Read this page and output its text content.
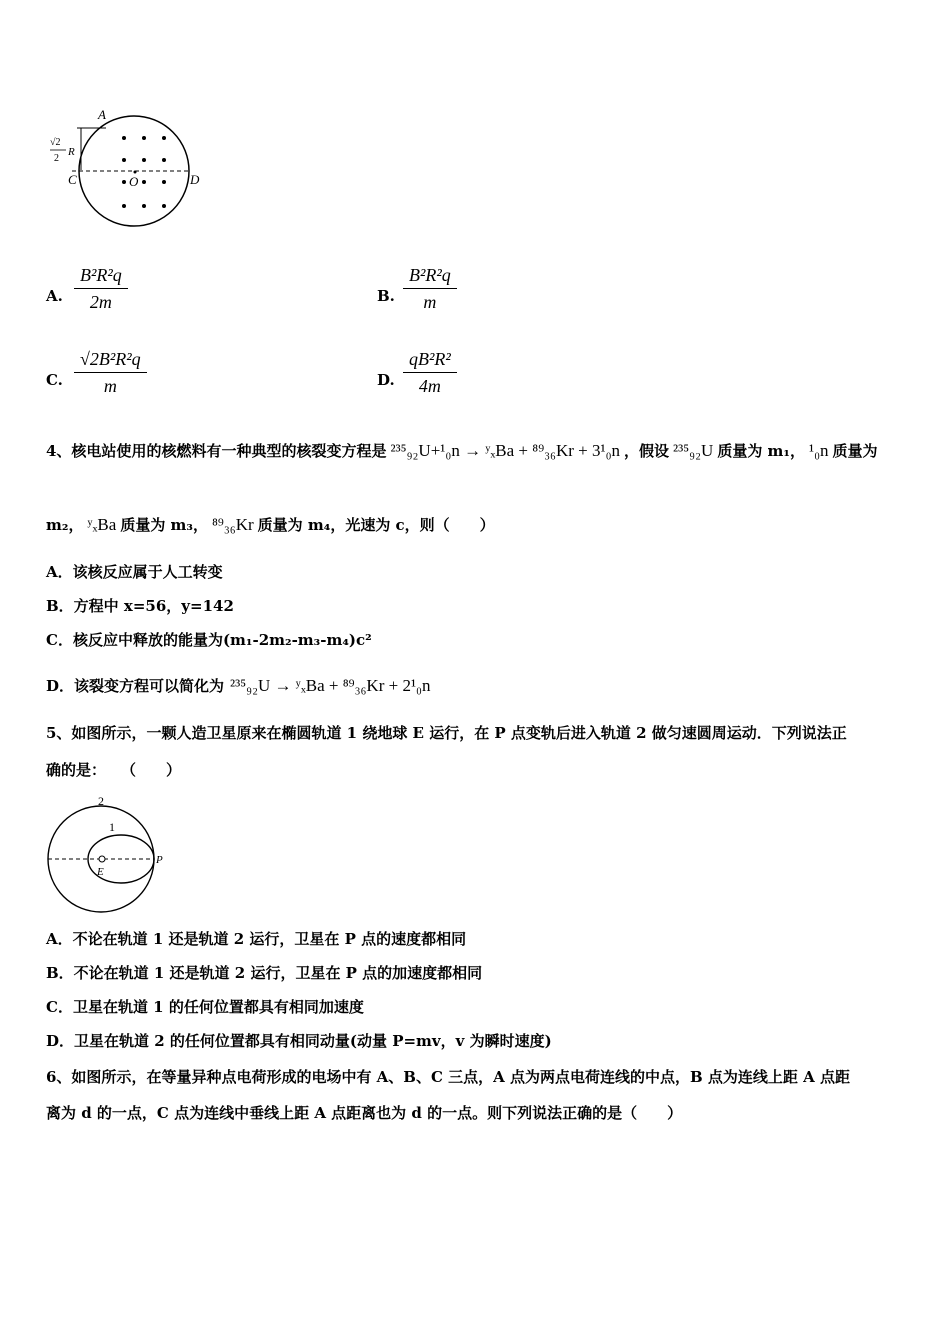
A
C	O	D
√2
2
R
A. $\frac{\text{B²R²q}}{2m}$	B. $\frac{\text{B²R²q}}{m}$
C. $\frac{\text{√2B²R²q}}{m}$	D. $\frac{\text{qB²R²}}{4m}$
4、核电站使用的核燃料有一种典型的核裂变方程是 ²³⁵₉₂U+¹₀n → ʸₓBa + ⁸⁹₃₆Kr + 3¹₀n ，假设 ²³⁵₉₂U 质量为 m₁， ¹₀n 质量为
m₂， ʸₓBa 质量为 m₃， ⁸⁹₃₆Kr 质量为 m₄，光速为 c，则（　　）
A．该核反应属于人工转变
B．方程中 x=56，y=142
C．核反应中释放的能量为(m₁-2m₂-m₃-m₄)c²
D．该裂变方程可以简化为 ²³⁵₉₂U → ʸₓBa + ⁸⁹₃₆Kr + 2¹₀n
5、如图所示，一颗人造卫星原来在椭圆轨道 1 绕地球 E 运行，在 P 点变轨后进入轨道 2 做匀速圆周运动．下列说法正
确的是：　　（　　）
2
1
E
P
A．不论在轨道 1 还是轨道 2 运行，卫星在 P 点的速度都相同
B．不论在轨道 1 还是轨道 2 运行，卫星在 P 点的加速度都相同
C．卫星在轨道 1 的任何位置都具有相同加速度
D．卫星在轨道 2 的任何位置都具有相同动量(动量 P=mv，v 为瞬时速度)
6、如图所示，在等量异种点电荷形成的电场中有 A、B、C 三点，A 点为两点电荷连线的中点，B 点为连线上距 A 点距
离为 d 的一点，C 点为连线中垂线上距 A 点距离也为 d 的一点。则下列说法正确的是（　　）
